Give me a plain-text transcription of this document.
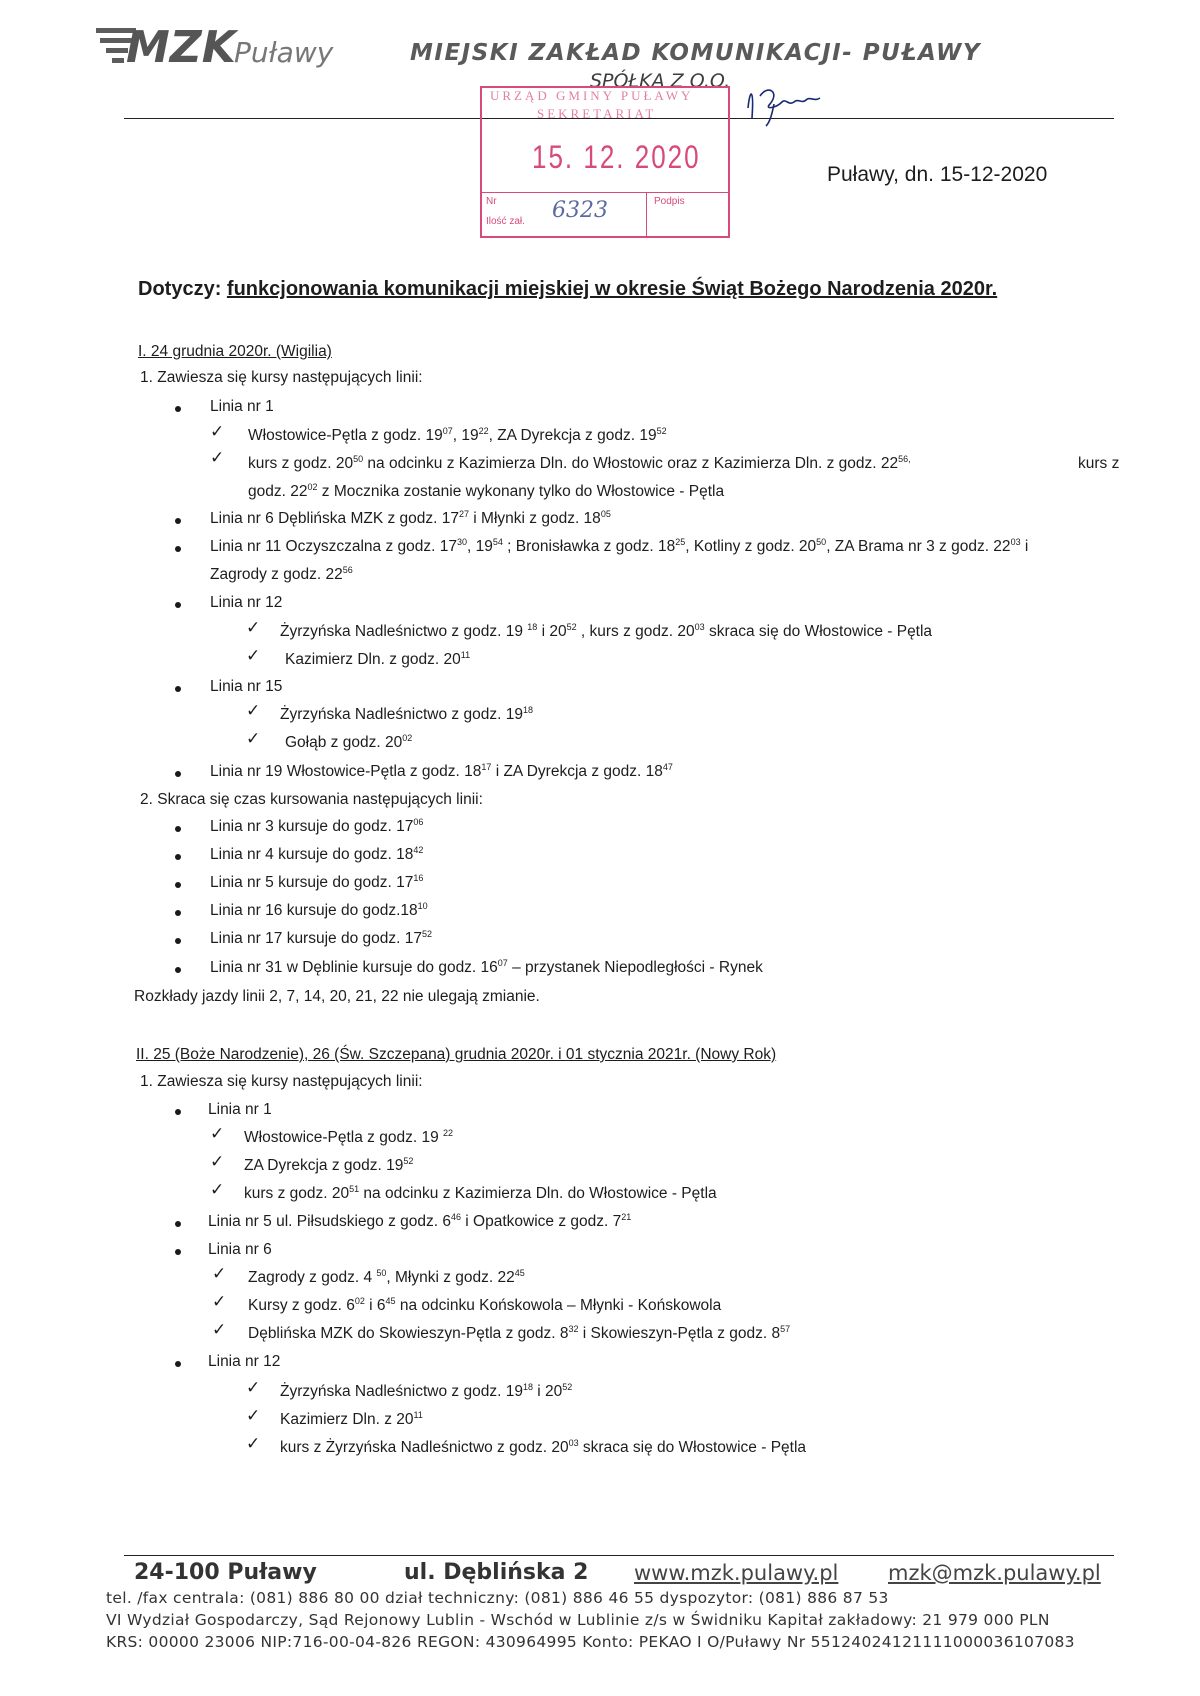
MZK
Puławy	MIEJSKI ZAKŁAD KOMUNIKACJI- PUŁAWY
SPÓŁKA Z O.O.
URZĄD GMINY PUŁAWY
SEKRETARIAT
15. 12. 2020
Nr
Ilość zał.
Podpis
6323
Puławy, dn. 15-12-2020
Dotyczy: funkcjonowania komunikacji miejskiej w okresie Świąt Bożego Narodzenia 2020r.
I. 24 grudnia 2020r. (Wigilia)
1. Zawiesza się kursy następujących linii:
Linia nr 1
✓ Włostowice-Pętla z godz. $19^{07}$, $19^{22}$, ZA Dyrekcja z godz. $19^{52}$
✓ kurs z godz. $20^{50}$ na odcinku z Kazimierza Dln. do Włostowic oraz z Kazimierza Dln. z godz. $22^{56,}$	kurs z
godz. $22^{02}$ z Mocznika zostanie wykonany tylko do Włostowice - Pętla
Linia nr 6 Dęblińska MZK z godz. $17^{27}$ i Młynki z godz. $18^{05}$
Linia nr 11 Oczyszczalna z godz. $17^{30}$, $19^{54}$ ; Bronisławka z godz. $18^{25}$, Kotliny z godz. $20^{50}$, ZA Brama nr 3 z godz. $22^{03}$ i
Zagrody z godz. $22^{56}$
Linia nr 12
✓ Żyrzyńska Nadleśnictwo z godz. 19 $^{18}$ i $20^{52}$ , kurs z godz. $20^{03}$ skraca się do Włostowice - Pętla
✓ Kazimierz Dln. z godz. $20^{11}$
Linia nr 15
✓ Żyrzyńska Nadleśnictwo z godz. $19^{18}$
✓ Gołąb z godz. $20^{02}$
Linia nr 19 Włostowice-Pętla z godz. $18^{17}$ i ZA Dyrekcja z godz. $18^{47}$
2. Skraca się czas kursowania następujących linii:
Linia nr 3 kursuje do godz. $17^{06}$
Linia nr 4 kursuje do godz. $18^{42}$
Linia nr 5 kursuje do godz. $17^{16}$
Linia nr 16 kursuje do $godz.18^{10}$
Linia nr 17 kursuje do godz. $17^{52}$
Linia nr 31 w Dęblinie kursuje do godz. $16^{07}$ – przystanek Niepodległości - Rynek
Rozkłady jazdy linii 2, 7, 14, 20, 21, 22 nie ulegają zmianie.
II. 25 (Boże Narodzenie), 26 (Św. Szczepana) grudnia 2020r. i 01 stycznia 2021r. (Nowy Rok)
1. Zawiesza się kursy następujących linii:
Linia nr 1
✓ Włostowice-Pętla z godz. 19 $^{22}$
✓ ZA Dyrekcja z godz. $19^{52}$
✓ kurs z godz. $20^{51}$ na odcinku z Kazimierza Dln. do Włostowice - Pętla
Linia nr 5 ul. Piłsudskiego z godz. $6^{46}$ i Opatkowice z godz. $7^{21}$
Linia nr 6
✓ Zagrody z godz. 4 $^{50}$, Młynki z godz. $22^{45}$
✓ Kursy z godz. $6^{02}$ i $6^{45}$ na odcinku Końskowola – Młynki - Końskowola
✓ Dęblińska MZK do Skowieszyn-Pętla z godz. $8^{32}$ i Skowieszyn-Pętla z godz. $8^{57}$
Linia nr 12
✓ Żyrzyńska Nadleśnictwo z godz. $19^{18}$ i $20^{52}$
✓ Kazimierz Dln. z $20^{11}$
✓ kurs z Żyrzyńska Nadleśnictwo z godz. $20^{03}$ skraca się do Włostowice - Pętla
24-100 Puławy	ul. Dęblińska 2 www.mzk.pulawy.pl mzk@mzk.pulawy.pl
tel. /fax centrala: (081) 886 80 00 dział techniczny: (081) 886 46 55 dyspozytor: (081) 886 87 53
VI Wydział Gospodarczy, Sąd Rejonowy Lublin - Wschód w Lublinie z/s w Świdniku Kapitał zakładowy: 21 979 000 PLN
KRS: 00000 23006 NIP:716-00-04-826 REGON: 430964995 Konto: PEKAO I O/Puławy Nr 55124024121111000036107083
